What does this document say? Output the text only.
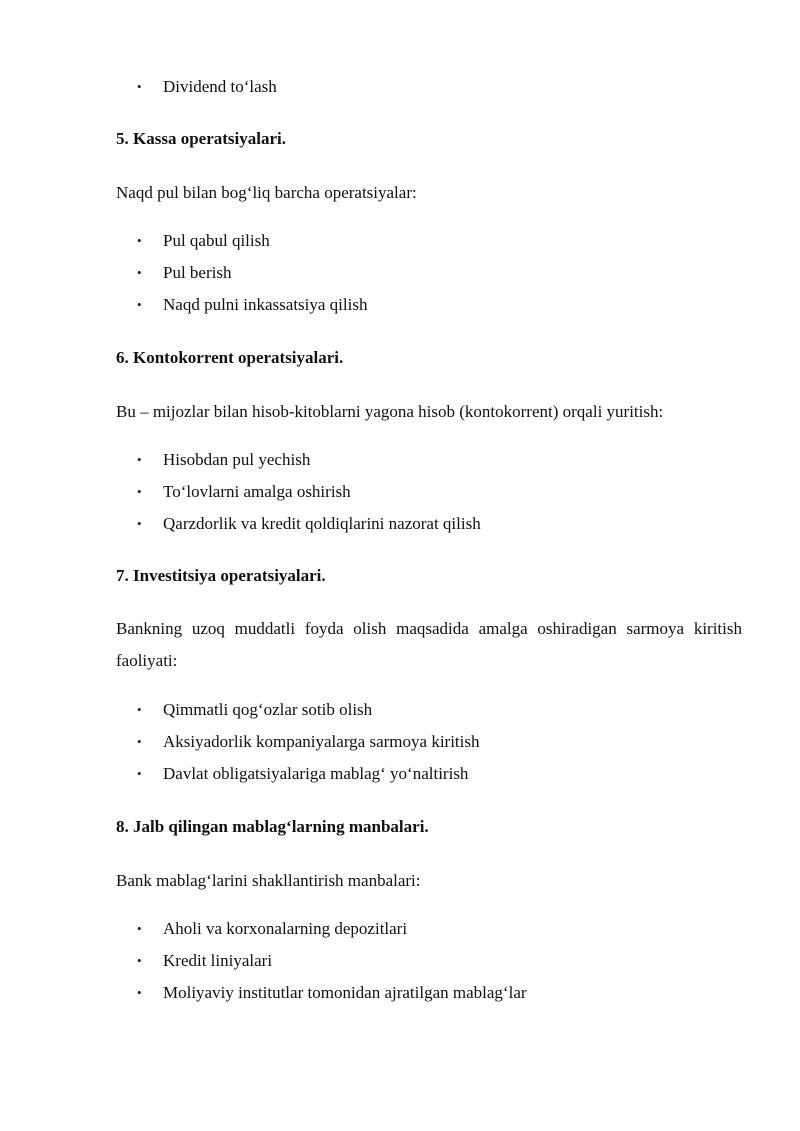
• Dividend to‘lash
5. Kassa operatsiyalari.
Naqd pul bilan bog‘liq barcha operatsiyalar:
• Pul qabul qilish
• Pul berish
• Naqd pulni inkassatsiya qilish
6. Kontokorrent operatsiyalari.
Bu – mijozlar bilan hisob-kitoblarni yagona hisob (kontokorrent) orqali yuritish:
• Hisobdan pul yechish
• To‘lovlarni amalga oshirish
• Qarzdorlik va kredit qoldiqlarini nazorat qilish
7. Investitsiya operatsiyalari.
Bankning uzoq muddatli foyda olish maqsadida amalga oshiradigan sarmoya kiritish faoliyati:
• Qimmatli qog‘ozlar sotib olish
• Aksiyadorlik kompaniyalarga sarmoya kiritish
• Davlat obligatsiyalariga mablag‘ yo‘naltirish
8. Jalb qilingan mablag‘larning manbalari.
Bank mablag‘larini shakllantirish manbalari:
• Aholi va korxonalarning depozitlari
• Kredit liniyalari
• Moliyaviy institutlar tomonidan ajratilgan mablag‘lar
